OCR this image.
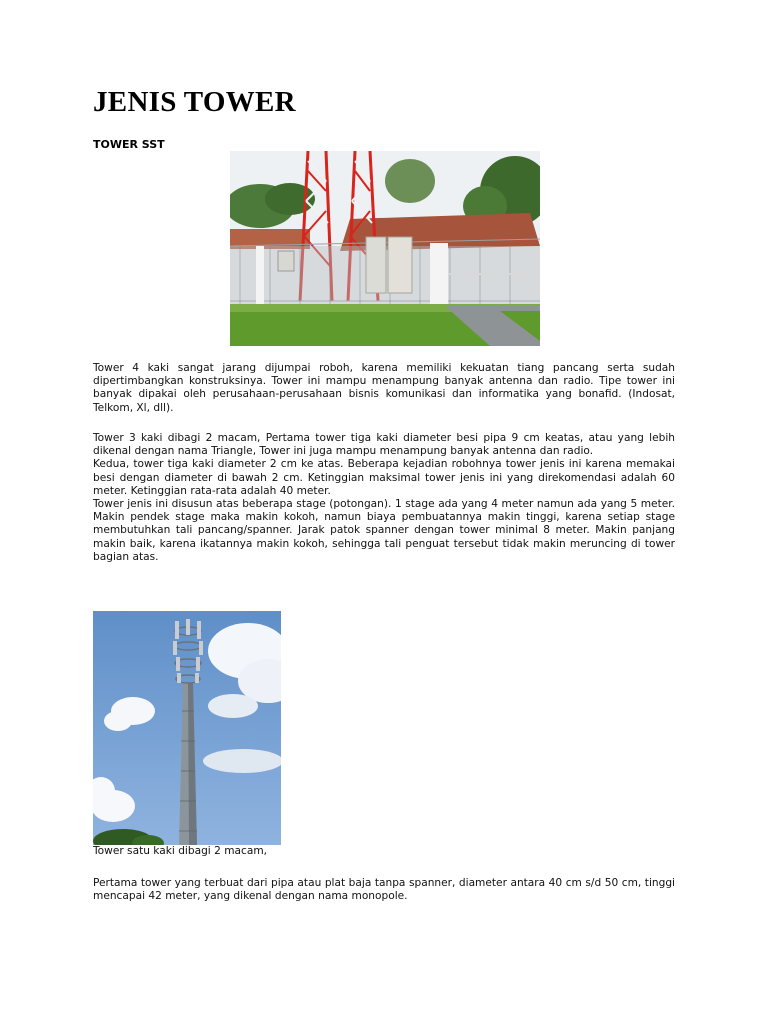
JENIS TOWER
TOWER SST

Tower 4 kaki sangat jarang dijumpai roboh, karena memiliki kekuatan tiang pancang serta sudah dipertimbangkan konstruksinya. Tower ini mampu menampung banyak antenna dan radio. Tipe tower ini banyak dipakai oleh perusahaan-perusahaan bisnis komunikasi dan informatika yang bonafid. (Indosat, Telkom, Xl, dll).

Tower 3 kaki dibagi 2 macam, Pertama tower tiga kaki diameter besi pipa 9 cm keatas, atau yang lebih dikenal dengan nama Triangle, Tower ini juga mampu menampung banyak antenna dan radio.
Kedua, tower tiga kaki diameter 2 cm ke atas. Beberapa kejadian robohnya tower jenis ini karena memakai besi dengan diameter di bawah 2 cm. Ketinggian maksimal tower jenis ini yang direkomendasi adalah 60 meter. Ketinggian rata-rata adalah 40 meter.
Tower jenis ini disusun atas beberapa stage (potongan). 1 stage ada yang 4 meter namun ada yang 5 meter. Makin pendek stage maka makin kokoh, namun biaya pembuatannya makin tinggi, karena setiap stage membutuhkan tali pancang/spanner. Jarak patok spanner dengan tower minimal 8 meter. Makin panjang makin baik, karena ikatannya makin kokoh, sehingga tali penguat tersebut tidak makin meruncing di tower bagian atas.

Tower satu kaki dibagi 2 macam,

Pertama tower yang terbuat dari pipa atau plat baja tanpa spanner, diameter antara 40 cm s/d 50 cm, tinggi mencapai 42 meter, yang dikenal dengan nama monopole.
